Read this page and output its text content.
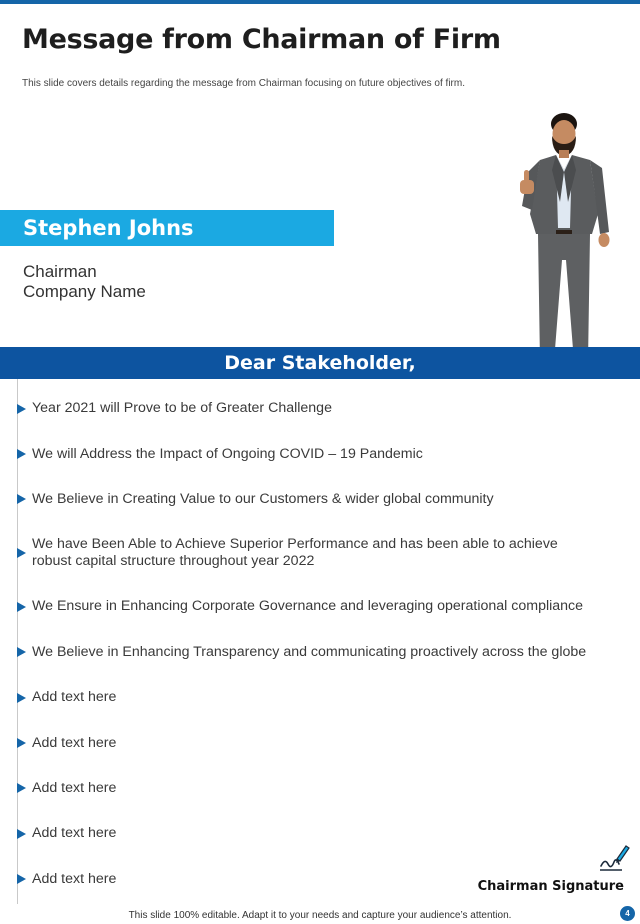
Message from Chairman of Firm
This slide covers details regarding the message from Chairman focusing on future objectives of firm.
Stephen Johns
Chairman
Company Name
Dear Stakeholder,
Year 2021 will Prove to be of Greater Challenge
We will Address the Impact of Ongoing COVID – 19 Pandemic
We Believe in Creating Value to our Customers & wider global community
We have Been Able to Achieve Superior Performance and has been able to achieve robust capital structure throughout year 2022
We Ensure in Enhancing Corporate Governance and leveraging operational compliance
We Believe in Enhancing Transparency and communicating proactively across the globe
Add text here
Add text here
Add text here
Add text here
Add text here	Chairman Signature
This slide 100% editable. Adapt it to your needs and capture your audience’s attention.	4
